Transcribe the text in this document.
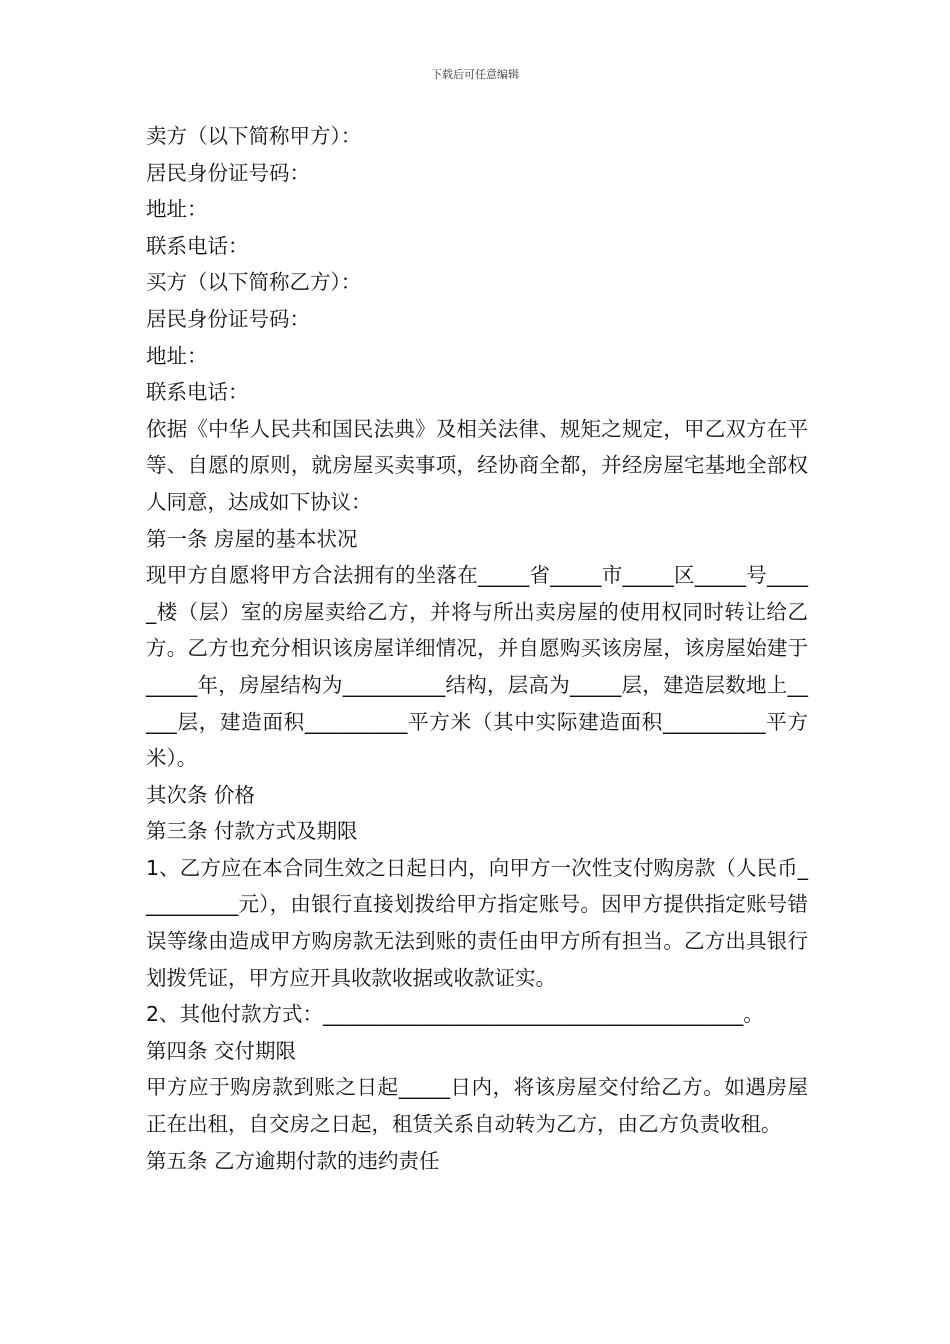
下载后可任意编辑
卖方（以下简称甲方）：
居民身份证号码：
地址：
联系电话：
买方（以下简称乙方）：
居民身份证号码：
地址：
联系电话：
依据《中华人民共和国民法典》及相关法律、规矩之规定，甲乙双方在平等、自愿的原则，就房屋买卖事项，经协商全都，并经房屋宅基地全部权人同意，达成如下协议：
第一条 房屋的基本状况
现甲方自愿将甲方合法拥有的坐落在_____省_____市_____区_____号_____楼（层）室的房屋卖给乙方，并将与所出卖房屋的使用权同时转让给乙方。乙方也充分相识该房屋详细情况，并自愿购买该房屋，该房屋始建于_____年，房屋结构为__________结构，层高为_____层，建造层数地上_____层，建造面积__________平方米（其中实际建造面积__________平方米）。
其次条 价格
第三条 付款方式及期限
1、乙方应在本合同生效之日起日内，向甲方一次性支付购房款（人民币__________元），由银行直接划拨给甲方指定账号。因甲方提供指定账号错误等缘由造成甲方购房款无法到账的责任由甲方所有担当。乙方出具银行划拨凭证，甲方应开具收款收据或收款证实。
2、其他付款方式：_________________________________________。
第四条 交付期限
甲方应于购房款到账之日起_____日内，将该房屋交付给乙方。如遇房屋正在出租，自交房之日起，租赁关系自动转为乙方，由乙方负责收租。
第五条 乙方逾期付款的违约责任
